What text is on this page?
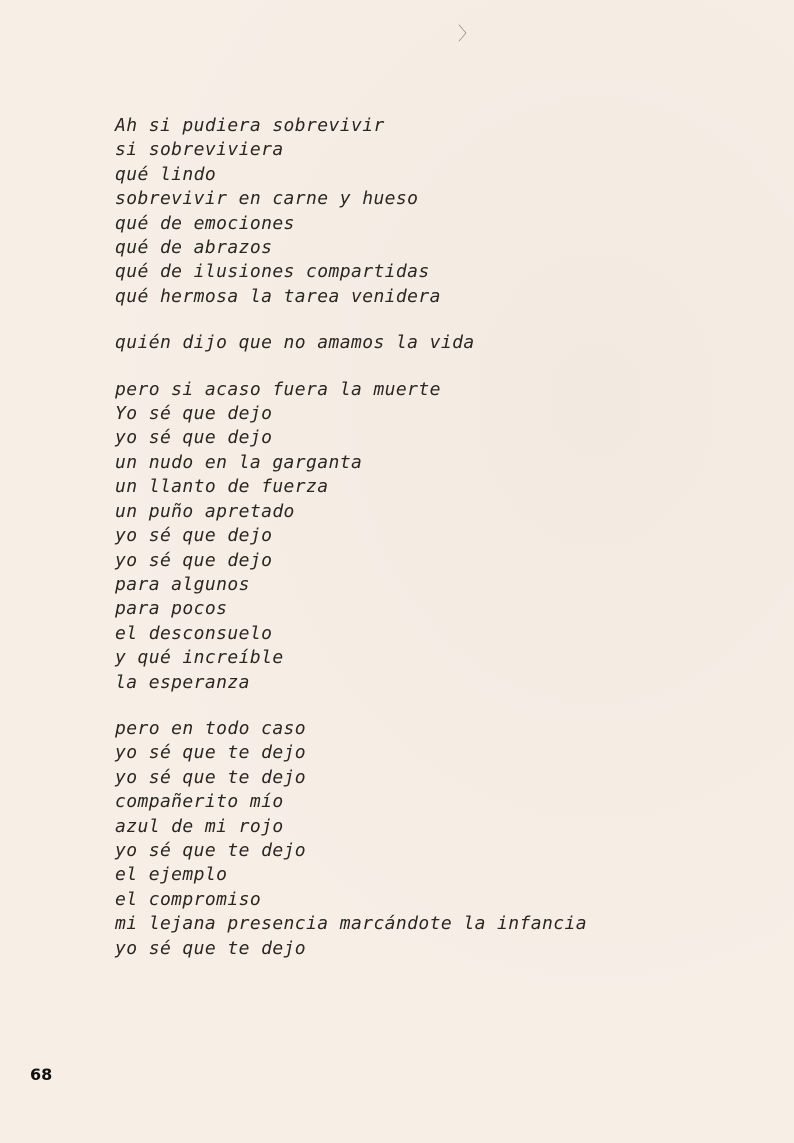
〉
Ah si pudiera sobrevivir
si sobreviviera
qué lindo
sobrevivir en carne y hueso
qué de emociones
qué de abrazos
qué de ilusiones compartidas
qué hermosa la tarea venidera
quién dijo que no amamos la vida
pero si acaso fuera la muerte
Yo sé que dejo
yo sé que dejo
un nudo en la garganta
un llanto de fuerza
un puño apretado
yo sé que dejo
yo sé que dejo
para algunos
para pocos
el desconsuelo
y qué increíble
la esperanza
pero en todo caso
yo sé que te dejo
yo sé que te dejo
compañerito mío
azul de mi rojo
yo sé que te dejo
el ejemplo
el compromiso
mi lejana presencia marcándote la infancia
yo sé que te dejo
68
